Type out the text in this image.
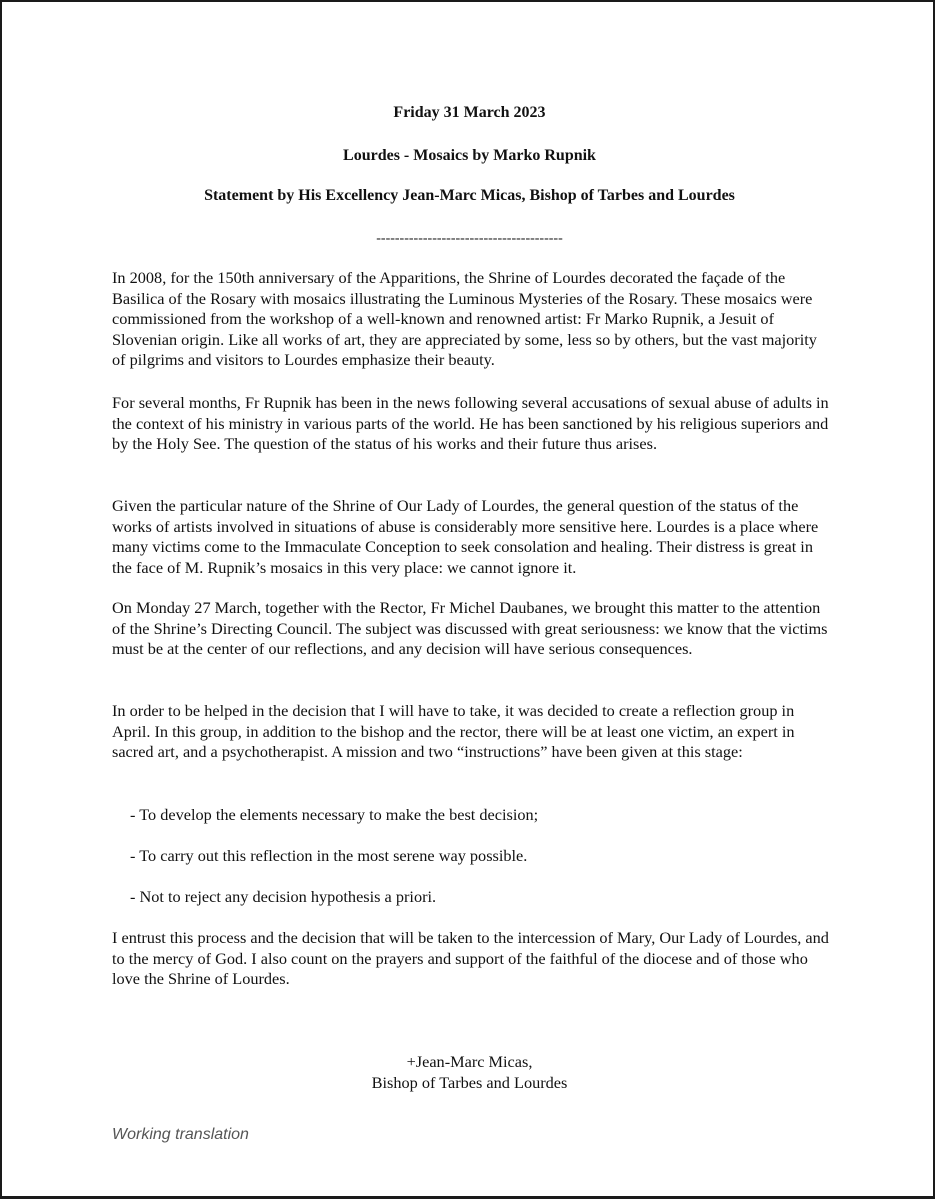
Friday 31 March 2023
Lourdes - Mosaics by Marko Rupnik
Statement by His Excellency Jean-Marc Micas, Bishop of Tarbes and Lourdes
----------------------------------------

In 2008, for the 150th anniversary of the Apparitions, the Shrine of Lourdes decorated the façade of the Basilica of the Rosary with mosaics illustrating the Luminous Mysteries of the Rosary. These mosaics were commissioned from the workshop of a well-known and renowned artist: Fr Marko Rupnik, a Jesuit of Slovenian origin. Like all works of art, they are appreciated by some, less so by others, but the vast majority of pilgrims and visitors to Lourdes emphasize their beauty.

For several months, Fr Rupnik has been in the news following several accusations of sexual abuse of adults in the context of his ministry in various parts of the world. He has been sanctioned by his religious superiors and by the Holy See. The question of the status of his works and their future thus arises.

Given the particular nature of the Shrine of Our Lady of Lourdes, the general question of the status of the works of artists involved in situations of abuse is considerably more sensitive here. Lourdes is a place where many victims come to the Immaculate Conception to seek consolation and healing. Their distress is great in the face of M. Rupnik’s mosaics in this very place: we cannot ignore it.

On Monday 27 March, together with the Rector, Fr Michel Daubanes, we brought this matter to the attention of the Shrine’s Directing Council. The subject was discussed with great seriousness: we know that the victims must be at the center of our reflections, and any decision will have serious consequences.

In order to be helped in the decision that I will have to take, it was decided to create a reflection group in April. In this group, in addition to the bishop and the rector, there will be at least one victim, an expert in sacred art, and a psychotherapist. A mission and two “instructions” have been given at this stage:

- To develop the elements necessary to make the best decision;

- To carry out this reflection in the most serene way possible.

- Not to reject any decision hypothesis a priori.

I entrust this process and the decision that will be taken to the intercession of Mary, Our Lady of Lourdes, and to the mercy of God. I also count on the prayers and support of the faithful of the diocese and of those who love the Shrine of Lourdes.

+Jean-Marc Micas,
Bishop of Tarbes and Lourdes
Working translation
